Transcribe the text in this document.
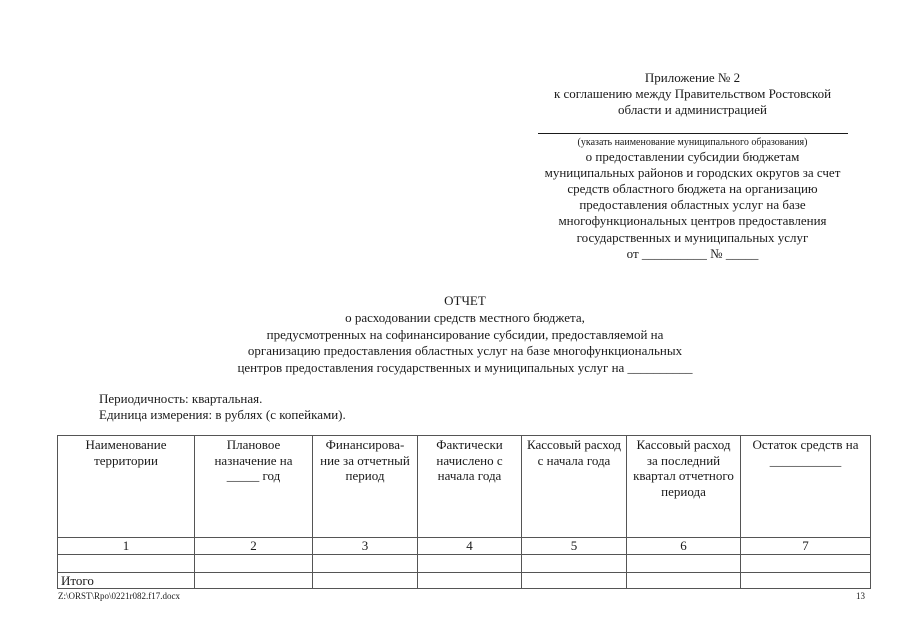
Приложение № 2
к соглашению между Правительством Ростовской
области и администрацией
(указать наименование муниципального образования)
о предоставлении субсидии бюджетам
муниципальных районов и городских округов за счет
средств областного бюджета на организацию
предоставления областных услуг на базе
многофункциональных центров предоставления
государственных и муниципальных услуг
от __________ № _____
ОТЧЕТ
о расходовании средств местного бюджета,
предусмотренных на софинансирование субсидии, предоставляемой на
организацию предоставления областных услуг на базе многофункциональных
центров предоставления государственных и муниципальных услуг на __________
Периодичность: квартальная.
Единица измерения: в рублях (с копейками).
Наименование территории	Плановое назначение на _____ год	Финансирова-ние за отчетный период	Фактически начислено с начала года	Кассовый расход с начала года	Кассовый расход за последний квартал отчетного периода	Остаток средств на ___________
1	2	3	4	5	6	7

Итого						
Z:\ORST\Rpo\0221r082.f17.docx	13
